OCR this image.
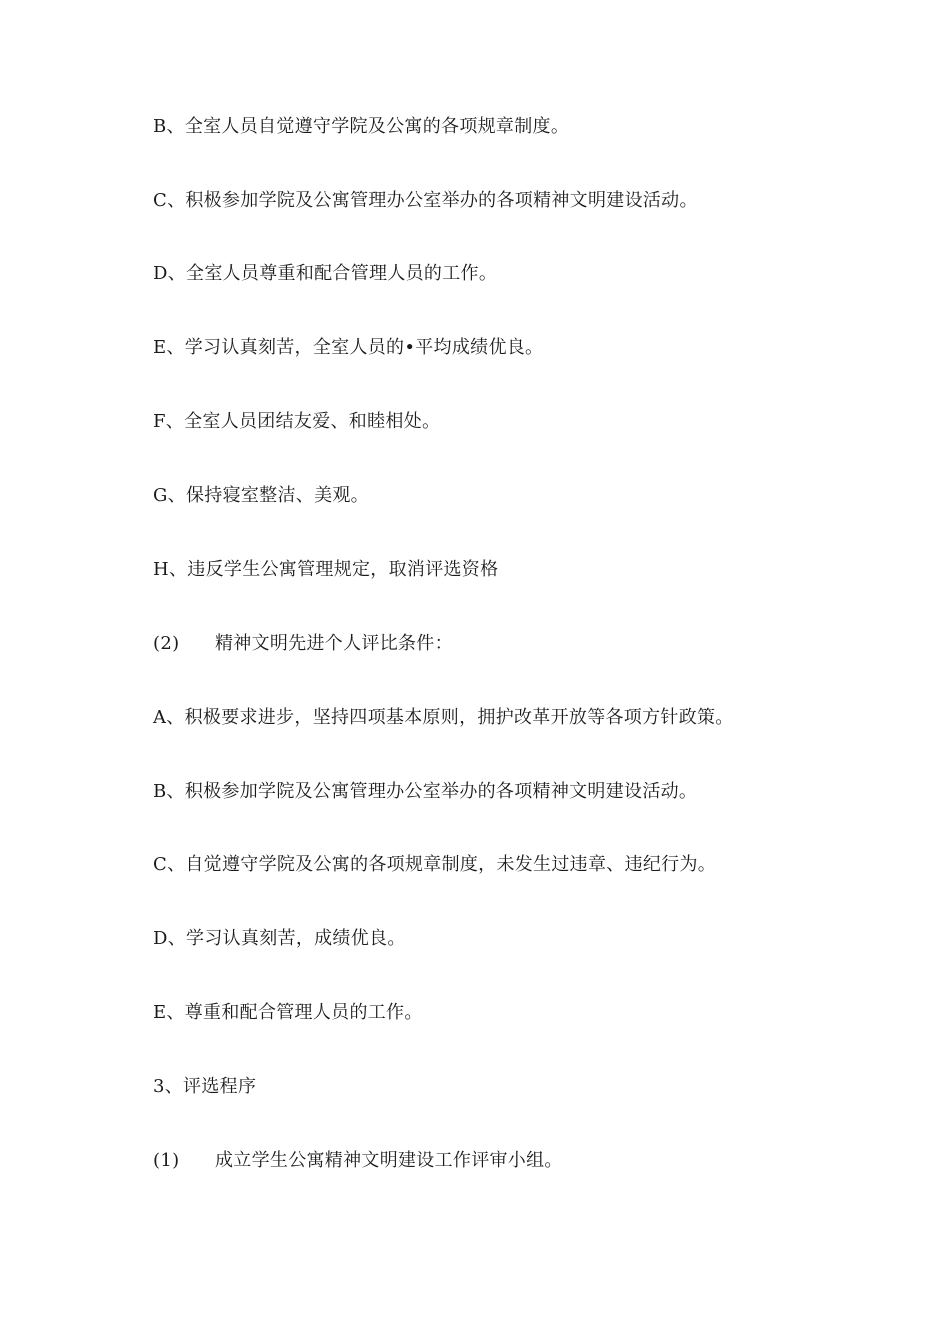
B、全室人员自觉遵守学院及公寓的各项规章制度。
C、积极参加学院及公寓管理办公室举办的各项精神文明建设活动。
D、全室人员尊重和配合管理人员的工作。
E、学习认真刻苦，全室人员的•平均成绩优良。
F、全室人员团结友爱、和睦相处。
G、保持寝室整洁、美观。
H、违反学生公寓管理规定，取消评选资格
(2) 精神文明先进个人评比条件：
A、积极要求进步，坚持四项基本原则，拥护改革开放等各项方针政策。
B、积极参加学院及公寓管理办公室举办的各项精神文明建设活动。
C、自觉遵守学院及公寓的各项规章制度，未发生过违章、违纪行为。
D、学习认真刻苦，成绩优良。
E、尊重和配合管理人员的工作。
3、评选程序
(1) 成立学生公寓精神文明建设工作评审小组。
